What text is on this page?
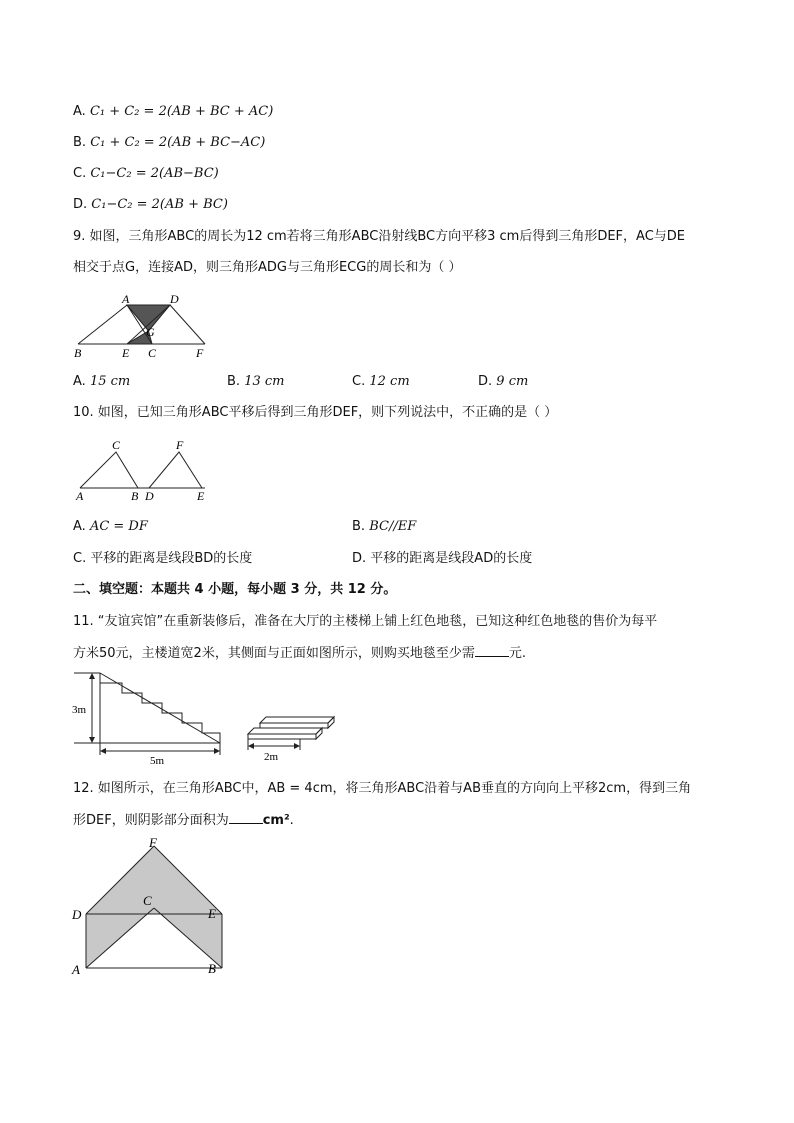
A. C₁ + C₂ = 2(AB + BC + AC)
B. C₁ + C₂ = 2(AB + BC−AC)
C. C₁−C₂ = 2(AB−BC)
D. C₁−C₂ = 2(AB + BC)
9. 如图，三角形ABC的周长为12 cm若将三角形ABC沿射线BC方向平移3 cm后得到三角形DEF，AC与DE
相交于点G，连接AD，则三角形ADG与三角形ECG的周长和为（ ）
A	D
G
B	E C	F
A. 15 cm	B. 13 cm	C. 12 cm	D. 9 cm
10. 如图，已知三角形ABC平移后得到三角形DEF，则下列说法中，不正确的是（ ）
C	F
A	B D	E
A. AC = DF	B. BC//EF
C. 平移的距离是线段BD的长度	D. 平移的距离是线段AD的长度
二、填空题：本题共 4 小题，每小题 3 分，共 12 分。
11. “友谊宾馆”在重新装修后，准备在大厅的主楼梯上铺上红色地毯，已知这种红色地毯的售价为每平
方米50元，主楼道宽2米，其侧面与正面如图所示，则购买地毯至少需	元.
3m
5m	2m
12. 如图所示，在三角形ABC中，AB = 4cm，将三角形ABC沿着与AB垂直的方向向上平移2cm，得到三角
形DEF，则阴影部分面积为	cm².
F
C
D	E
A	B
